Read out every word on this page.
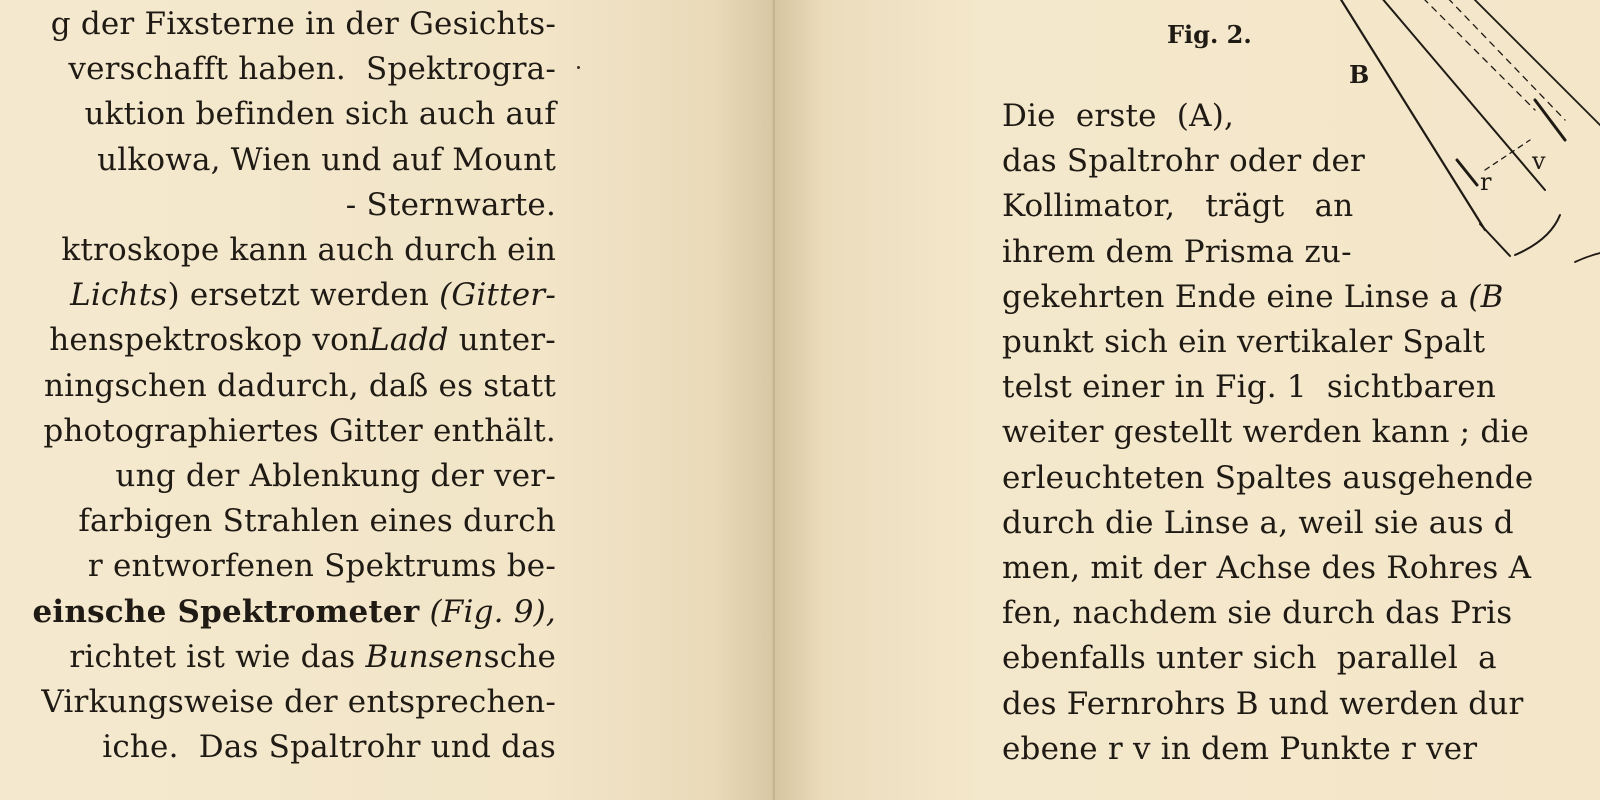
g der Fixsterne in der Gesichts-
verschafft haben.  Spektrogra-
uktion befinden sich auch auf
ulkowa, Wien und auf Mount
- Sternwarte.
ktroskope kann auch durch ein
Lichts) ersetzt werden (Gitter-
henspektroskop vonLadd unter-
ningschen dadurch, daß es statt
photographiertes Gitter enthält.
ung der Ablenkung der ver-
farbigen Strahlen eines durch
r entworfenen Spektrums be-
einsche Spektrometer (Fig. 9),
richtet ist wie das Bunsensche
Virkungsweise der entsprechen-
iche.  Das Spaltrohr und das
Fig. 2.
B
r
v
Die  erste  (A),
das Spaltrohr oder der
Kollimator,   trägt   an
ihrem dem Prisma zu-
gekehrten Ende eine Linse a (B
punkt sich ein vertikaler Spalt
telst einer in Fig. 1  sichtbaren
weiter gestellt werden kann ; die
erleuchteten Spaltes ausgehende
durch die Linse a, weil sie aus d
men, mit der Achse des Rohres A
fen, nachdem sie durch das Pris
ebenfalls unter sich  parallel  a
des Fernrohrs B und werden dur
ebene r v in dem Punkte r ver
